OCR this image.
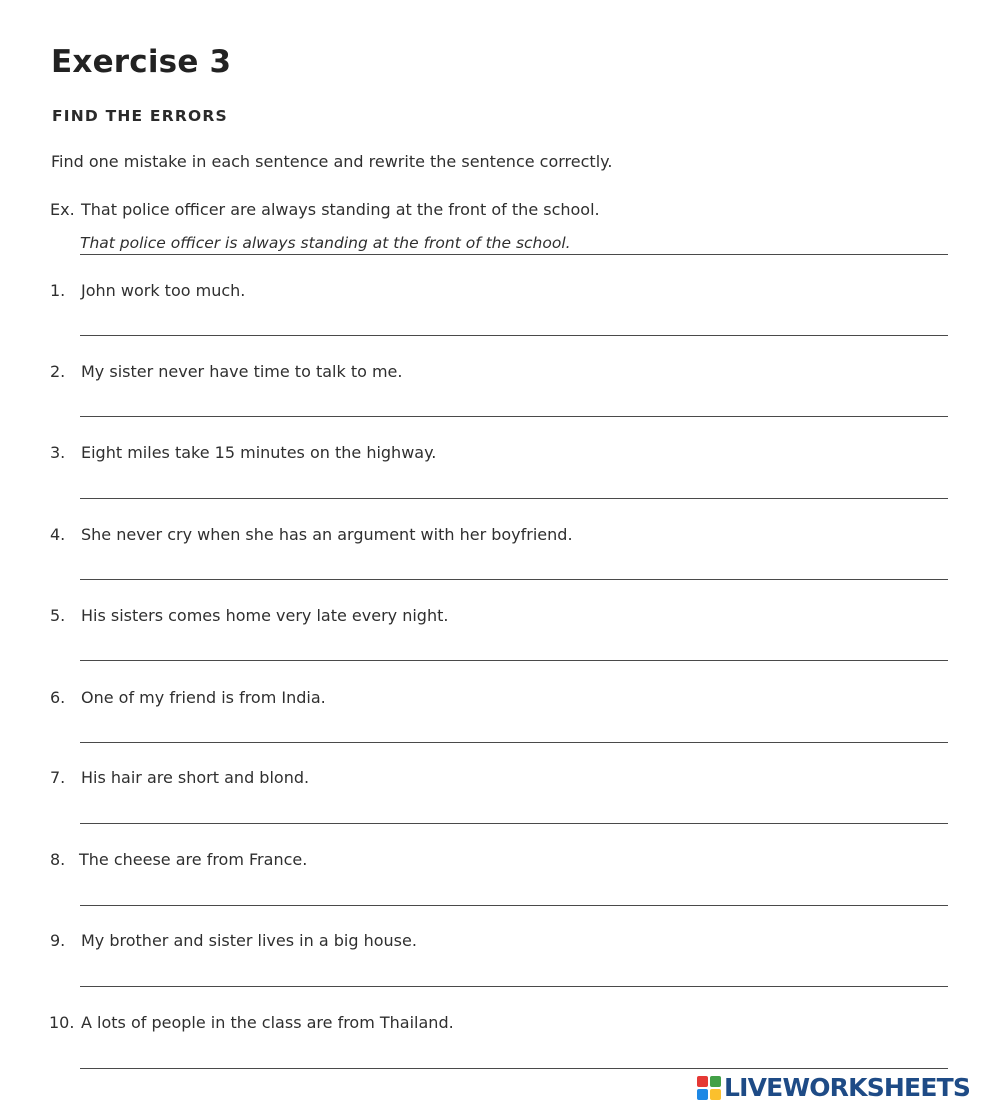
Exercise 3
FIND THE ERRORS
Find one mistake in each sentence and rewrite the sentence correctly.
Ex. That police officer are always standing at the front of the school.
That police officer is always standing at the front of the school.
1. John work too much.
2. My sister never have time to talk to me.
3. Eight miles take 15 minutes on the highway.
4. She never cry when she has an argument with her boyfriend.
5. His sisters comes home very late every night.
6. One of my friend is from India.
7. His hair are short and blond.
8. The cheese are from France.
9. My brother and sister lives in a big house.
10. A lots of people in the class are from Thailand.
LIVEWORKSHEETS
